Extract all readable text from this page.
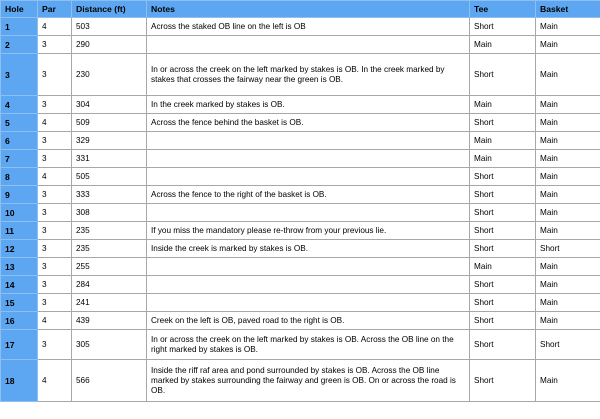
Hole	Par	Distance (ft)	Notes	Tee	Basket
1	4	503	Across the staked OB line on the left is OB	Short	Main
2	3	290		Main	Main
3	3	230	In or across the creek on the left marked by stakes is OB. In the creek marked by stakes that crosses the fairway near the green is OB.	Short	Main
4	3	304	In the creek marked by stakes is OB.	Main	Main
5	4	509	Across the fence behind the basket is OB.	Short	Main
6	3	329		Main	Main
7	3	331		Main	Main
8	4	505		Short	Main
9	3	333	Across the fence to the right of the basket is OB.	Short	Main
10	3	308		Short	Main
11	3	235	If you miss the mandatory please re-throw from your previous lie.	Short	Main
12	3	235	Inside the creek is marked by stakes is OB.	Short	Short
13	3	255		Main	Main
14	3	284		Short	Main
15	3	241		Short	Main
16	4	439	Creek on the left is OB, paved road to the right is OB.	Short	Main
17	3	305	In or across the creek on the left marked by stakes is OB. Across the OB line on the right marked by stakes is OB.	Short	Short
18	4	566	Inside the riff raf area and pond surrounded by stakes is OB. Across the OB line marked by stakes surrounding the fairway and green is OB. On or across the road is OB.	Short	Main
